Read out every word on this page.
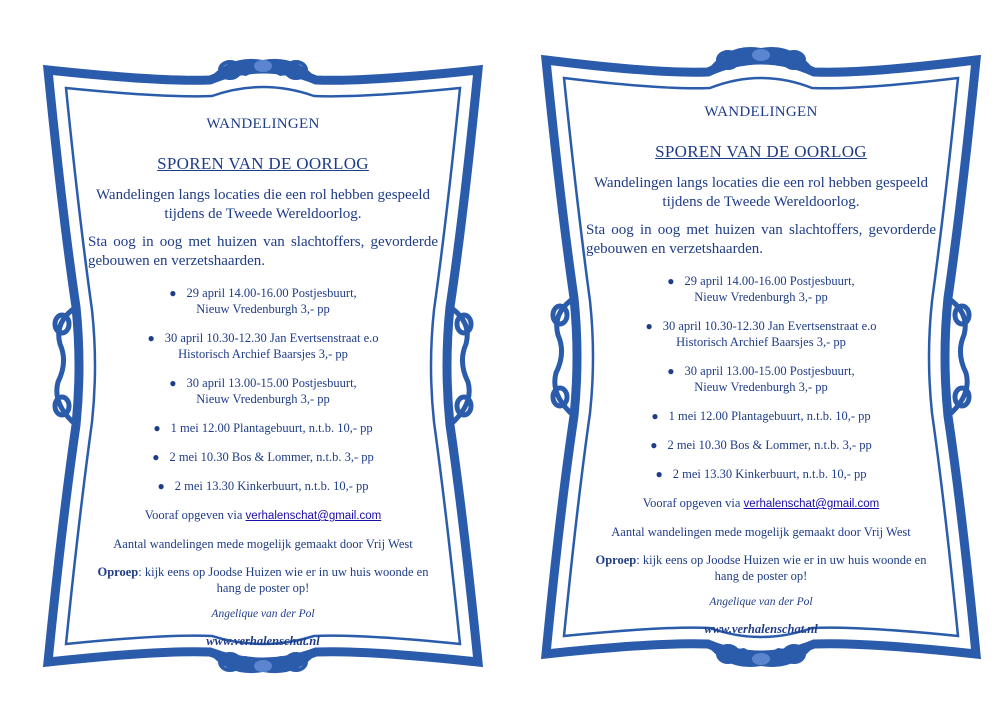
WANDELINGEN
SPOREN VAN DE OORLOG
Wandelingen langs locaties die een rol hebben gespeeld tijdens de Tweede Wereldoorlog.
Sta oog in oog met huizen van slachtoffers, gevorderde gebouwen en verzetshaarden.
● 29 april 14.00-16.00 Postjesbuurt,
Nieuw Vredenburgh 3,- pp
● 30 april 10.30-12.30 Jan Evertsenstraat e.o
Historisch Archief Baarsjes 3,- pp
● 30 april 13.00-15.00 Postjesbuurt,
Nieuw Vredenburgh 3,- pp
● 1 mei 12.00 Plantagebuurt, n.t.b. 10,- pp
● 2 mei 10.30 Bos & Lommer, n.t.b. 3,- pp
● 2 mei 13.30 Kinkerbuurt, n.t.b. 10,- pp
Vooraf opgeven via verhalenschat@gmail.com
Aantal wandelingen mede mogelijk gemaakt door Vrij West
Oproep: kijk eens op Joodse Huizen wie er in uw huis woonde en hang de poster op!
Angelique van der Pol
www.verhalenschat.nl
WANDELINGEN
SPOREN VAN DE OORLOG
Wandelingen langs locaties die een rol hebben gespeeld tijdens de Tweede Wereldoorlog.
Sta oog in oog met huizen van slachtoffers, gevorderde gebouwen en verzetshaarden.
● 29 april 14.00-16.00 Postjesbuurt,
Nieuw Vredenburgh 3,- pp
● 30 april 10.30-12.30 Jan Evertsenstraat e.o
Historisch Archief Baarsjes 3,- pp
● 30 april 13.00-15.00 Postjesbuurt,
Nieuw Vredenburgh 3,- pp
● 1 mei 12.00 Plantagebuurt, n.t.b. 10,- pp
● 2 mei 10.30 Bos & Lommer, n.t.b. 3,- pp
● 2 mei 13.30 Kinkerbuurt, n.t.b. 10,- pp
Vooraf opgeven via verhalenschat@gmail.com
Aantal wandelingen mede mogelijk gemaakt door Vrij West
Oproep: kijk eens op Joodse Huizen wie er in uw huis woonde en hang de poster op!
Angelique van der Pol
www.verhalenschat.nl
